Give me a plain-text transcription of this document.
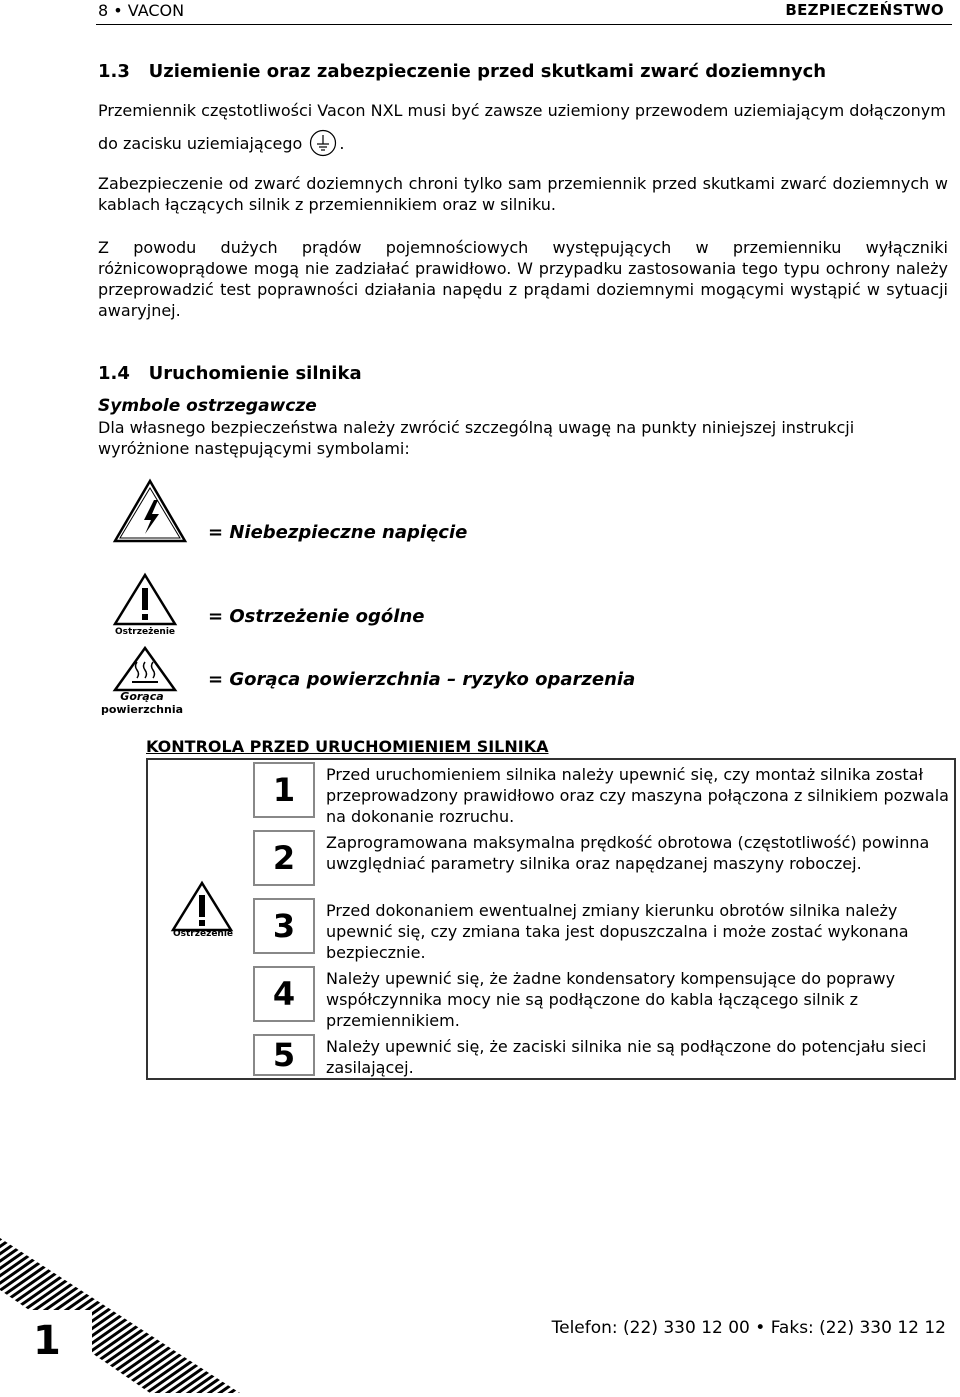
8 • VACON	BEZPIECZEŃSTWO
1.3   Uziemienie oraz zabezpieczenie przed skutkami zwarć doziemnych
Przemiennik częstotliwości Vacon NXL musi być zawsze uziemiony przewodem uziemiającym dołączonym do zacisku uziemiającego .
Zabezpieczenie od zwarć doziemnych chroni tylko sam przemiennik przed skutkami zwarć doziemnych w kablach łączących silnik z przemiennikiem oraz w silniku.
Z powodu dużych prądów pojemnościowych występujących w przemienniku wyłączniki różnicowoprądowe mogą nie zadziałać prawidłowo. W przypadku zastosowania tego typu ochrony należy przeprowadzić test poprawności działania napędu z prądami doziemnymi mogącymi wystąpić w sytuacji awaryjnej.
1.4   Uruchomienie silnika
Symbole ostrzegawcze
Dla własnego bezpieczeństwa należy zwrócić szczególną uwagę na punkty niniejszej instrukcji wyróżnione następującymi symbolami:
= Niebezpieczne napięcie
Ostrzeżenie
= Ostrzeżenie ogólne
Gorąca
powierzchnia
= Gorąca powierzchnia – ryzyko oparzenia
KONTROLA PRZED URUCHOMIENIEM SILNIKA
Ostrzeżenie
1	Przed uruchomieniem silnika należy upewnić się, czy montaż silnika został przeprowadzony prawidłowo oraz czy maszyna połączona z silnikiem pozwala na dokonanie rozruchu.
2	Zaprogramowana maksymalna prędkość obrotowa (częstotliwość) powinna uwzględniać parametry silnika oraz napędzanej maszyny roboczej.
3	Przed dokonaniem ewentualnej zmiany kierunku obrotów silnika należy upewnić się, czy zmiana taka jest dopuszczalna i może zostać wykonana bezpiecznie.
4	Należy upewnić się, że żadne kondensatory kompensujące do poprawy współczynnika mocy nie są podłączone do kabla łączącego silnik z przemiennikiem.
5	Należy upewnić się, że zaciski silnika nie są podłączone do potencjału sieci zasilającej.
1	Telefon: (22) 330 12 00 • Faks: (22) 330 12 12
